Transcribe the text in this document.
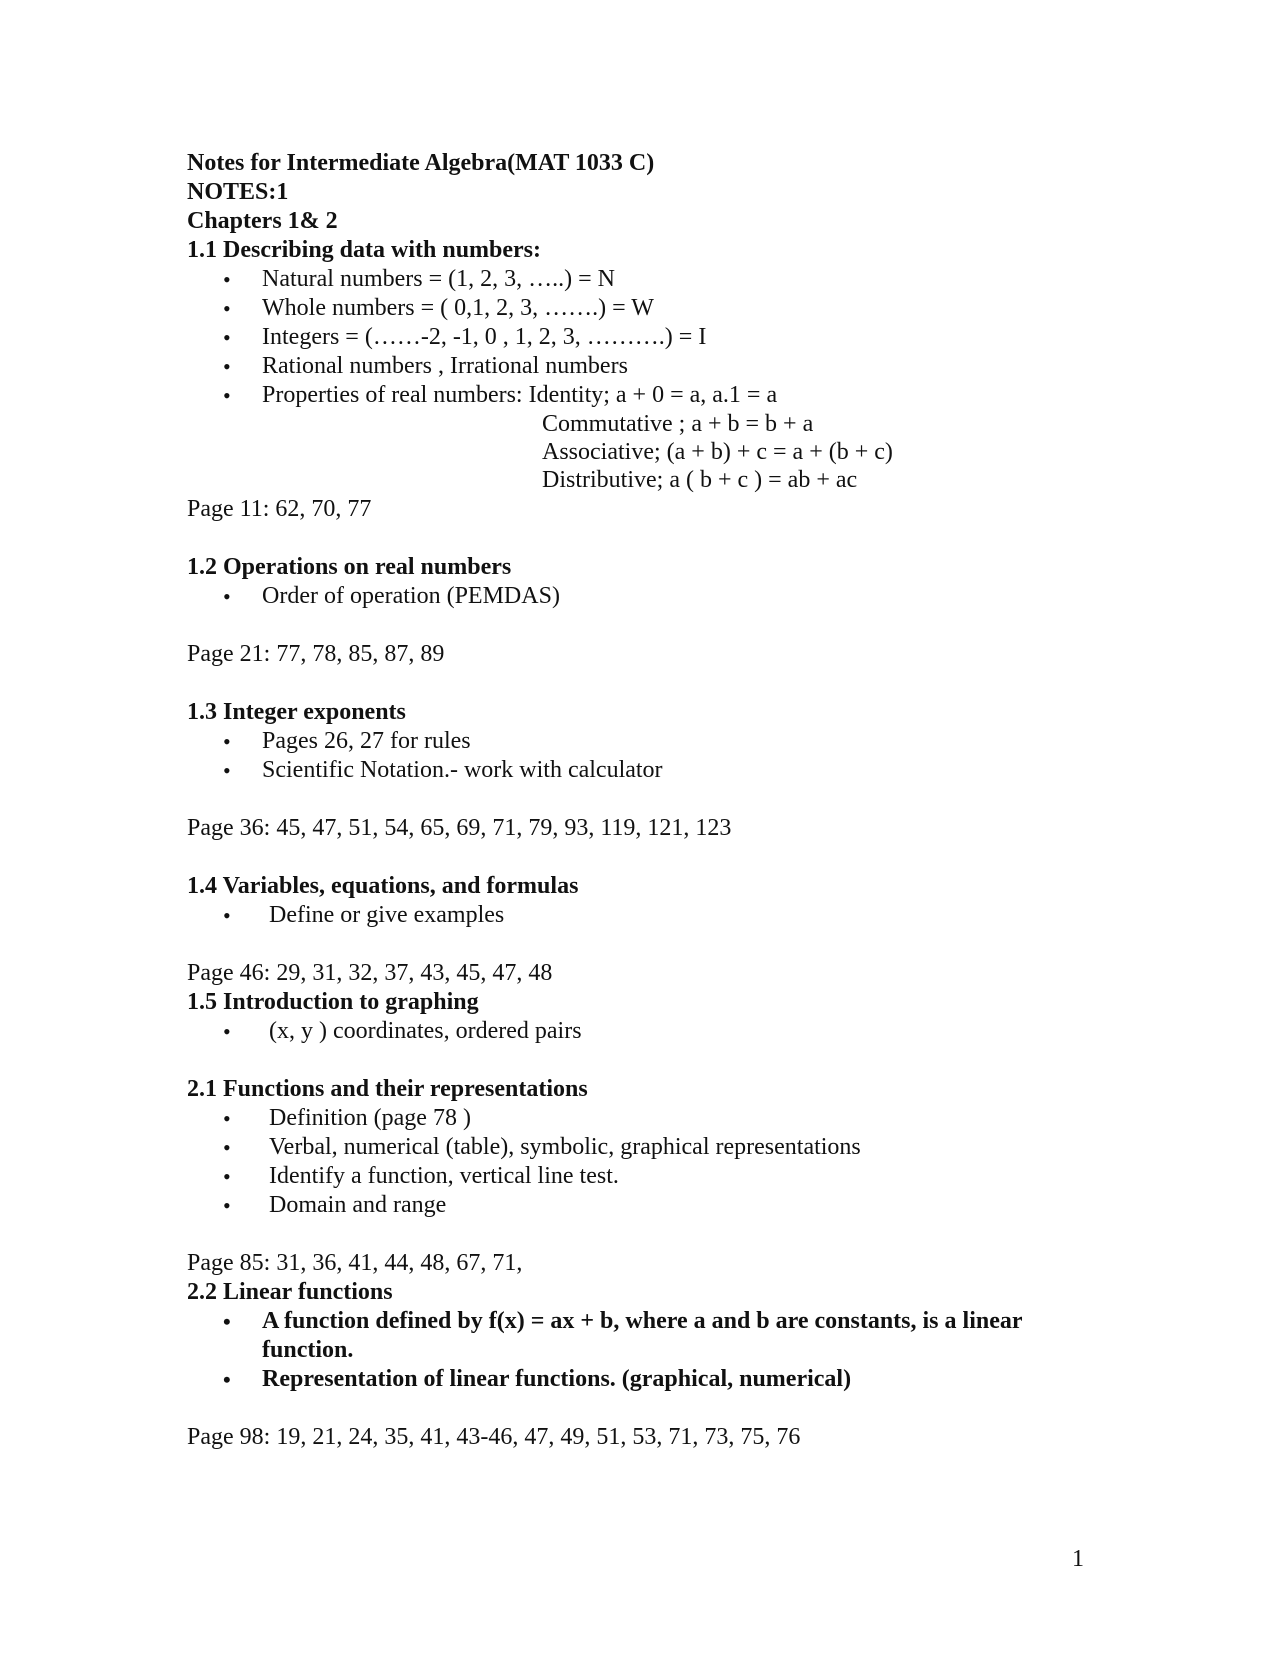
Notes for Intermediate Algebra(MAT 1033 C)
NOTES:1
Chapters 1& 2
1.1 Describing data with numbers:
• Natural numbers = (1, 2, 3, …..) = N
• Whole numbers = ( 0,1, 2, 3, …….) = W
• Integers = (……-2, -1, 0 , 1, 2, 3, ……….) = I
• Rational numbers , Irrational numbers
• Properties of real numbers: Identity; a + 0 = a, a.1 = a
Commutative ; a + b = b + a
Associative; (a + b) + c = a + (b + c)
Distributive; a ( b + c ) = ab + ac
Page 11: 62, 70, 77
1.2 Operations on real numbers
• Order of operation (PEMDAS)
Page 21: 77, 78, 85, 87, 89
1.3 Integer exponents
• Pages 26, 27 for rules
• Scientific Notation.- work with calculator
Page 36: 45, 47, 51, 54, 65, 69, 71, 79, 93, 119, 121, 123
1.4 Variables, equations, and formulas
• Define or give examples
Page 46: 29, 31, 32, 37, 43, 45, 47, 48
1.5 Introduction to graphing
• (x, y ) coordinates, ordered pairs
2.1 Functions and their representations
• Definition (page 78 )
• Verbal, numerical (table), symbolic, graphical representations
• Identify a function, vertical line test.
• Domain and range
Page 85: 31, 36, 41, 44, 48, 67, 71,
2.2 Linear functions
• A function defined by f(x) = ax + b, where a and b are constants, is a linear function.
• Representation of linear functions. (graphical, numerical)
Page 98: 19, 21, 24, 35, 41, 43-46, 47, 49, 51, 53, 71, 73, 75, 76
1
